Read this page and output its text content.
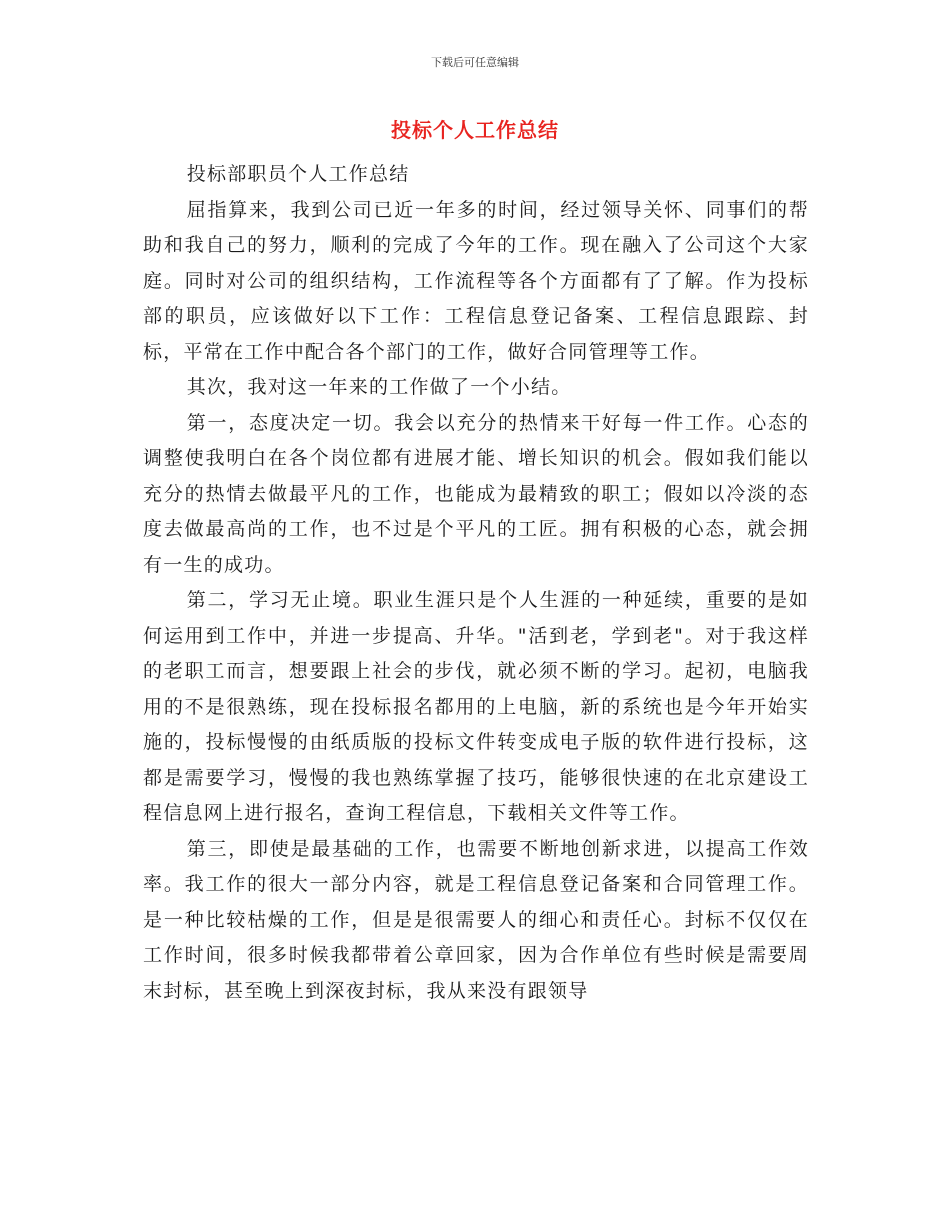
下载后可任意编辑
投标个人工作总结

投标部职员个人工作总结

屈指算来，我到公司已近一年多的时间，经过领导关怀、同事们的帮助和我自己的努力，顺利的完成了今年的工作。现在融入了公司这个大家庭。同时对公司的组织结构，工作流程等各个方面都有了了解。作为投标部的职员，应该做好以下工作：工程信息登记备案、工程信息跟踪、封标，平常在工作中配合各个部门的工作，做好合同管理等工作。

其次，我对这一年来的工作做了一个小结。

第一，态度决定一切。我会以充分的热情来干好每一件工作。心态的调整使我明白在各个岗位都有进展才能、增长知识的机会。假如我们能以充分的热情去做最平凡的工作，也能成为最精致的职工；假如以冷淡的态度去做最高尚的工作，也不过是个平凡的工匠。拥有积极的心态，就会拥有一生的成功。

第二，学习无止境。职业生涯只是个人生涯的一种延续，重要的是如何运用到工作中，并进一步提高、升华。"活到老，学到老"。对于我这样的老职工而言，想要跟上社会的步伐，就必须不断的学习。起初，电脑我用的不是很熟练，现在投标报名都用的上电脑，新的系统也是今年开始实施的，投标慢慢的由纸质版的投标文件转变成电子版的软件进行投标，这都是需要学习，慢慢的我也熟练掌握了技巧，能够很快速的在北京建设工程信息网上进行报名，查询工程信息，下载相关文件等工作。

第三，即使是最基础的工作，也需要不断地创新求进，以提高工作效率。我工作的很大一部分内容，就是工程信息登记备案和合同管理工作。是一种比较枯燥的工作，但是是很需要人的细心和责任心。封标不仅仅在工作时间，很多时候我都带着公章回家，因为合作单位有些时候是需要周末封标，甚至晚上到深夜封标，我从来没有跟领导
